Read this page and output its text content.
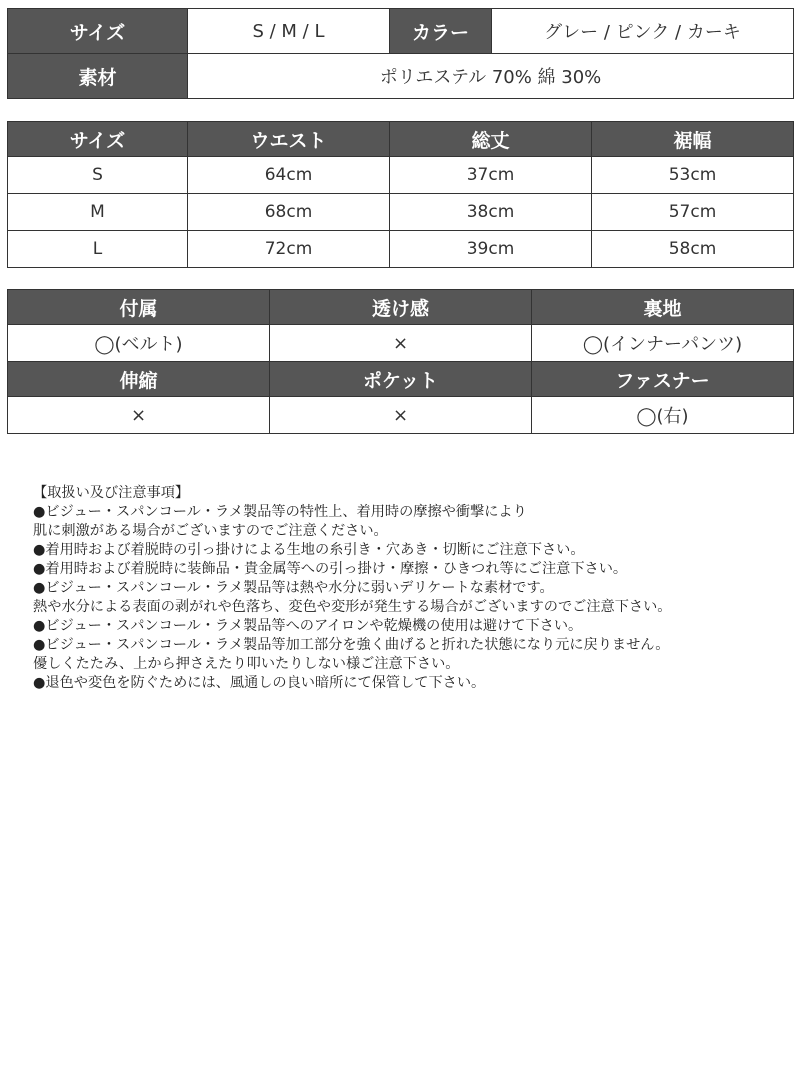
サイズ	S / M / L	カラー	グレー / ピンク / カーキ
素材	ポリエステル 70% 綿 30%		
サイズ	ウエスト	総丈	裾幅
S	64cm	37cm	53cm
M	68cm	38cm	57cm
L	72cm	39cm	58cm
付属	透け感	裏地
◯(ベルト)	×	◯(インナーパンツ)
伸縮	ポケット	ファスナー
×	×	◯(右)
【取扱い及び注意事項】
●ビジュー・スパンコール・ラメ製品等の特性上、着用時の摩擦や衝撃により
肌に刺激がある場合がございますのでご注意ください。
●着用時および着脱時の引っ掛けによる生地の糸引き・穴あき・切断にご注意下さい。
●着用時および着脱時に装飾品・貴金属等への引っ掛け・摩擦・ひきつれ等にご注意下さい。
●ビジュー・スパンコール・ラメ製品等は熱や水分に弱いデリケートな素材です。
熱や水分による表面の剥がれや色落ち、変色や変形が発生する場合がございますのでご注意下さい。
●ビジュー・スパンコール・ラメ製品等へのアイロンや乾燥機の使用は避けて下さい。
●ビジュー・スパンコール・ラメ製品等加工部分を強く曲げると折れた状態になり元に戻りません。
優しくたたみ、上から押さえたり叩いたりしない様ご注意下さい。
●退色や変色を防ぐためには、風通しの良い暗所にて保管して下さい。
